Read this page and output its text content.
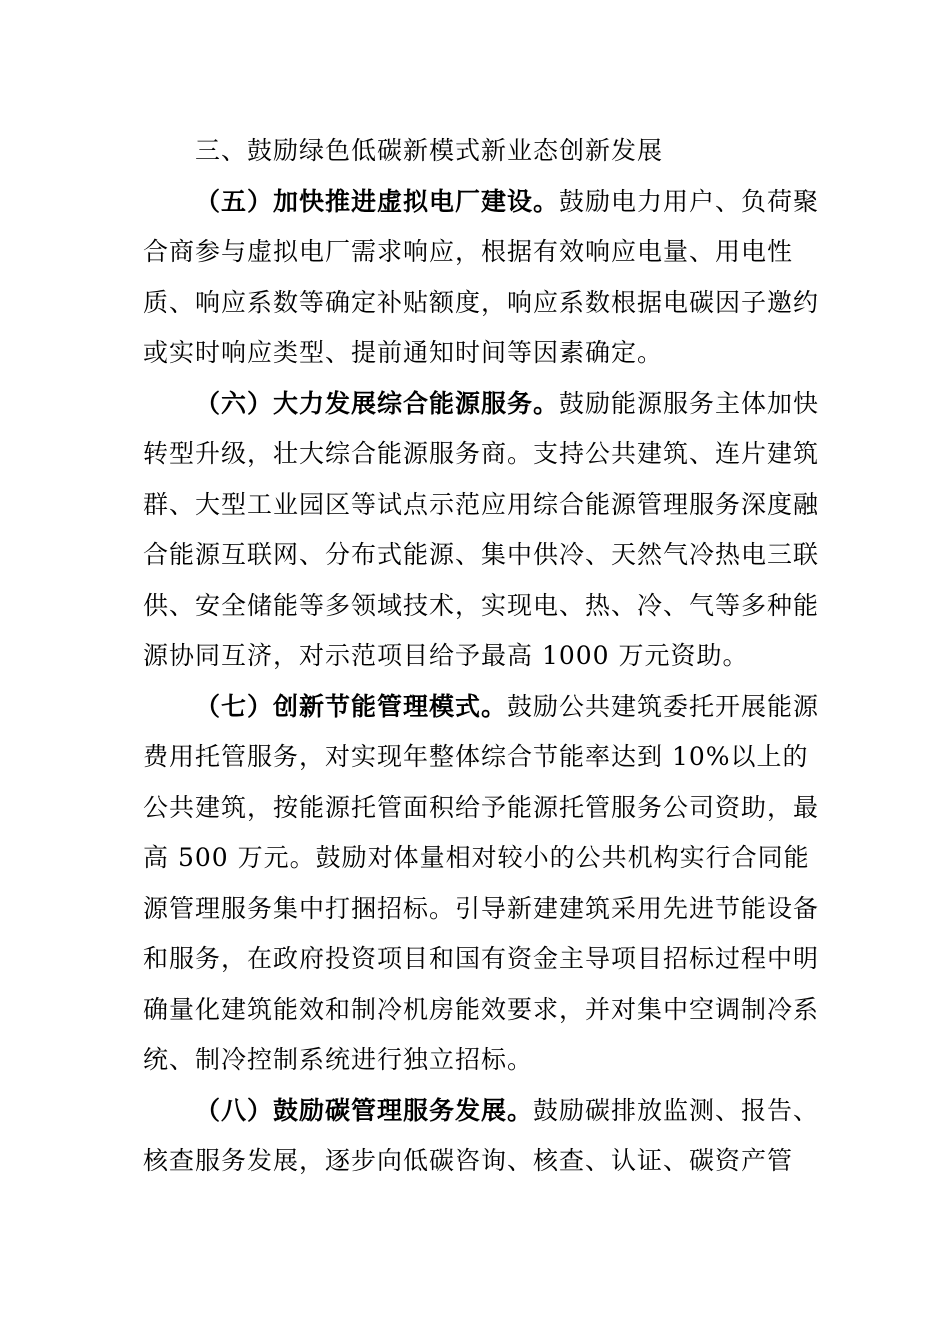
三、鼓励绿色低碳新模式新业态创新发展

（五）加快推进虚拟电厂建设。鼓励电力用户、负荷聚合商参与虚拟电厂需求响应，根据有效响应电量、用电性质、响应系数等确定补贴额度，响应系数根据电碳因子邀约或实时响应类型、提前通知时间等因素确定。

（六）大力发展综合能源服务。鼓励能源服务主体加快转型升级，壮大综合能源服务商。支持公共建筑、连片建筑群、大型工业园区等试点示范应用综合能源管理服务深度融合能源互联网、分布式能源、集中供冷、天然气冷热电三联供、安全储能等多领域技术，实现电、热、冷、气等多种能源协同互济，对示范项目给予最高 1000 万元资助。

（七）创新节能管理模式。鼓励公共建筑委托开展能源费用托管服务，对实现年整体综合节能率达到 10%以上的公共建筑，按能源托管面积给予能源托管服务公司资助，最高 500 万元。鼓励对体量相对较小的公共机构实行合同能源管理服务集中打捆招标。引导新建建筑采用先进节能设备和服务，在政府投资项目和国有资金主导项目招标过程中明确量化建筑能效和制冷机房能效要求，并对集中空调制冷系统、制冷控制系统进行独立招标。

（八）鼓励碳管理服务发展。鼓励碳排放监测、报告、核查服务发展，逐步向低碳咨询、核查、认证、碳资产管
